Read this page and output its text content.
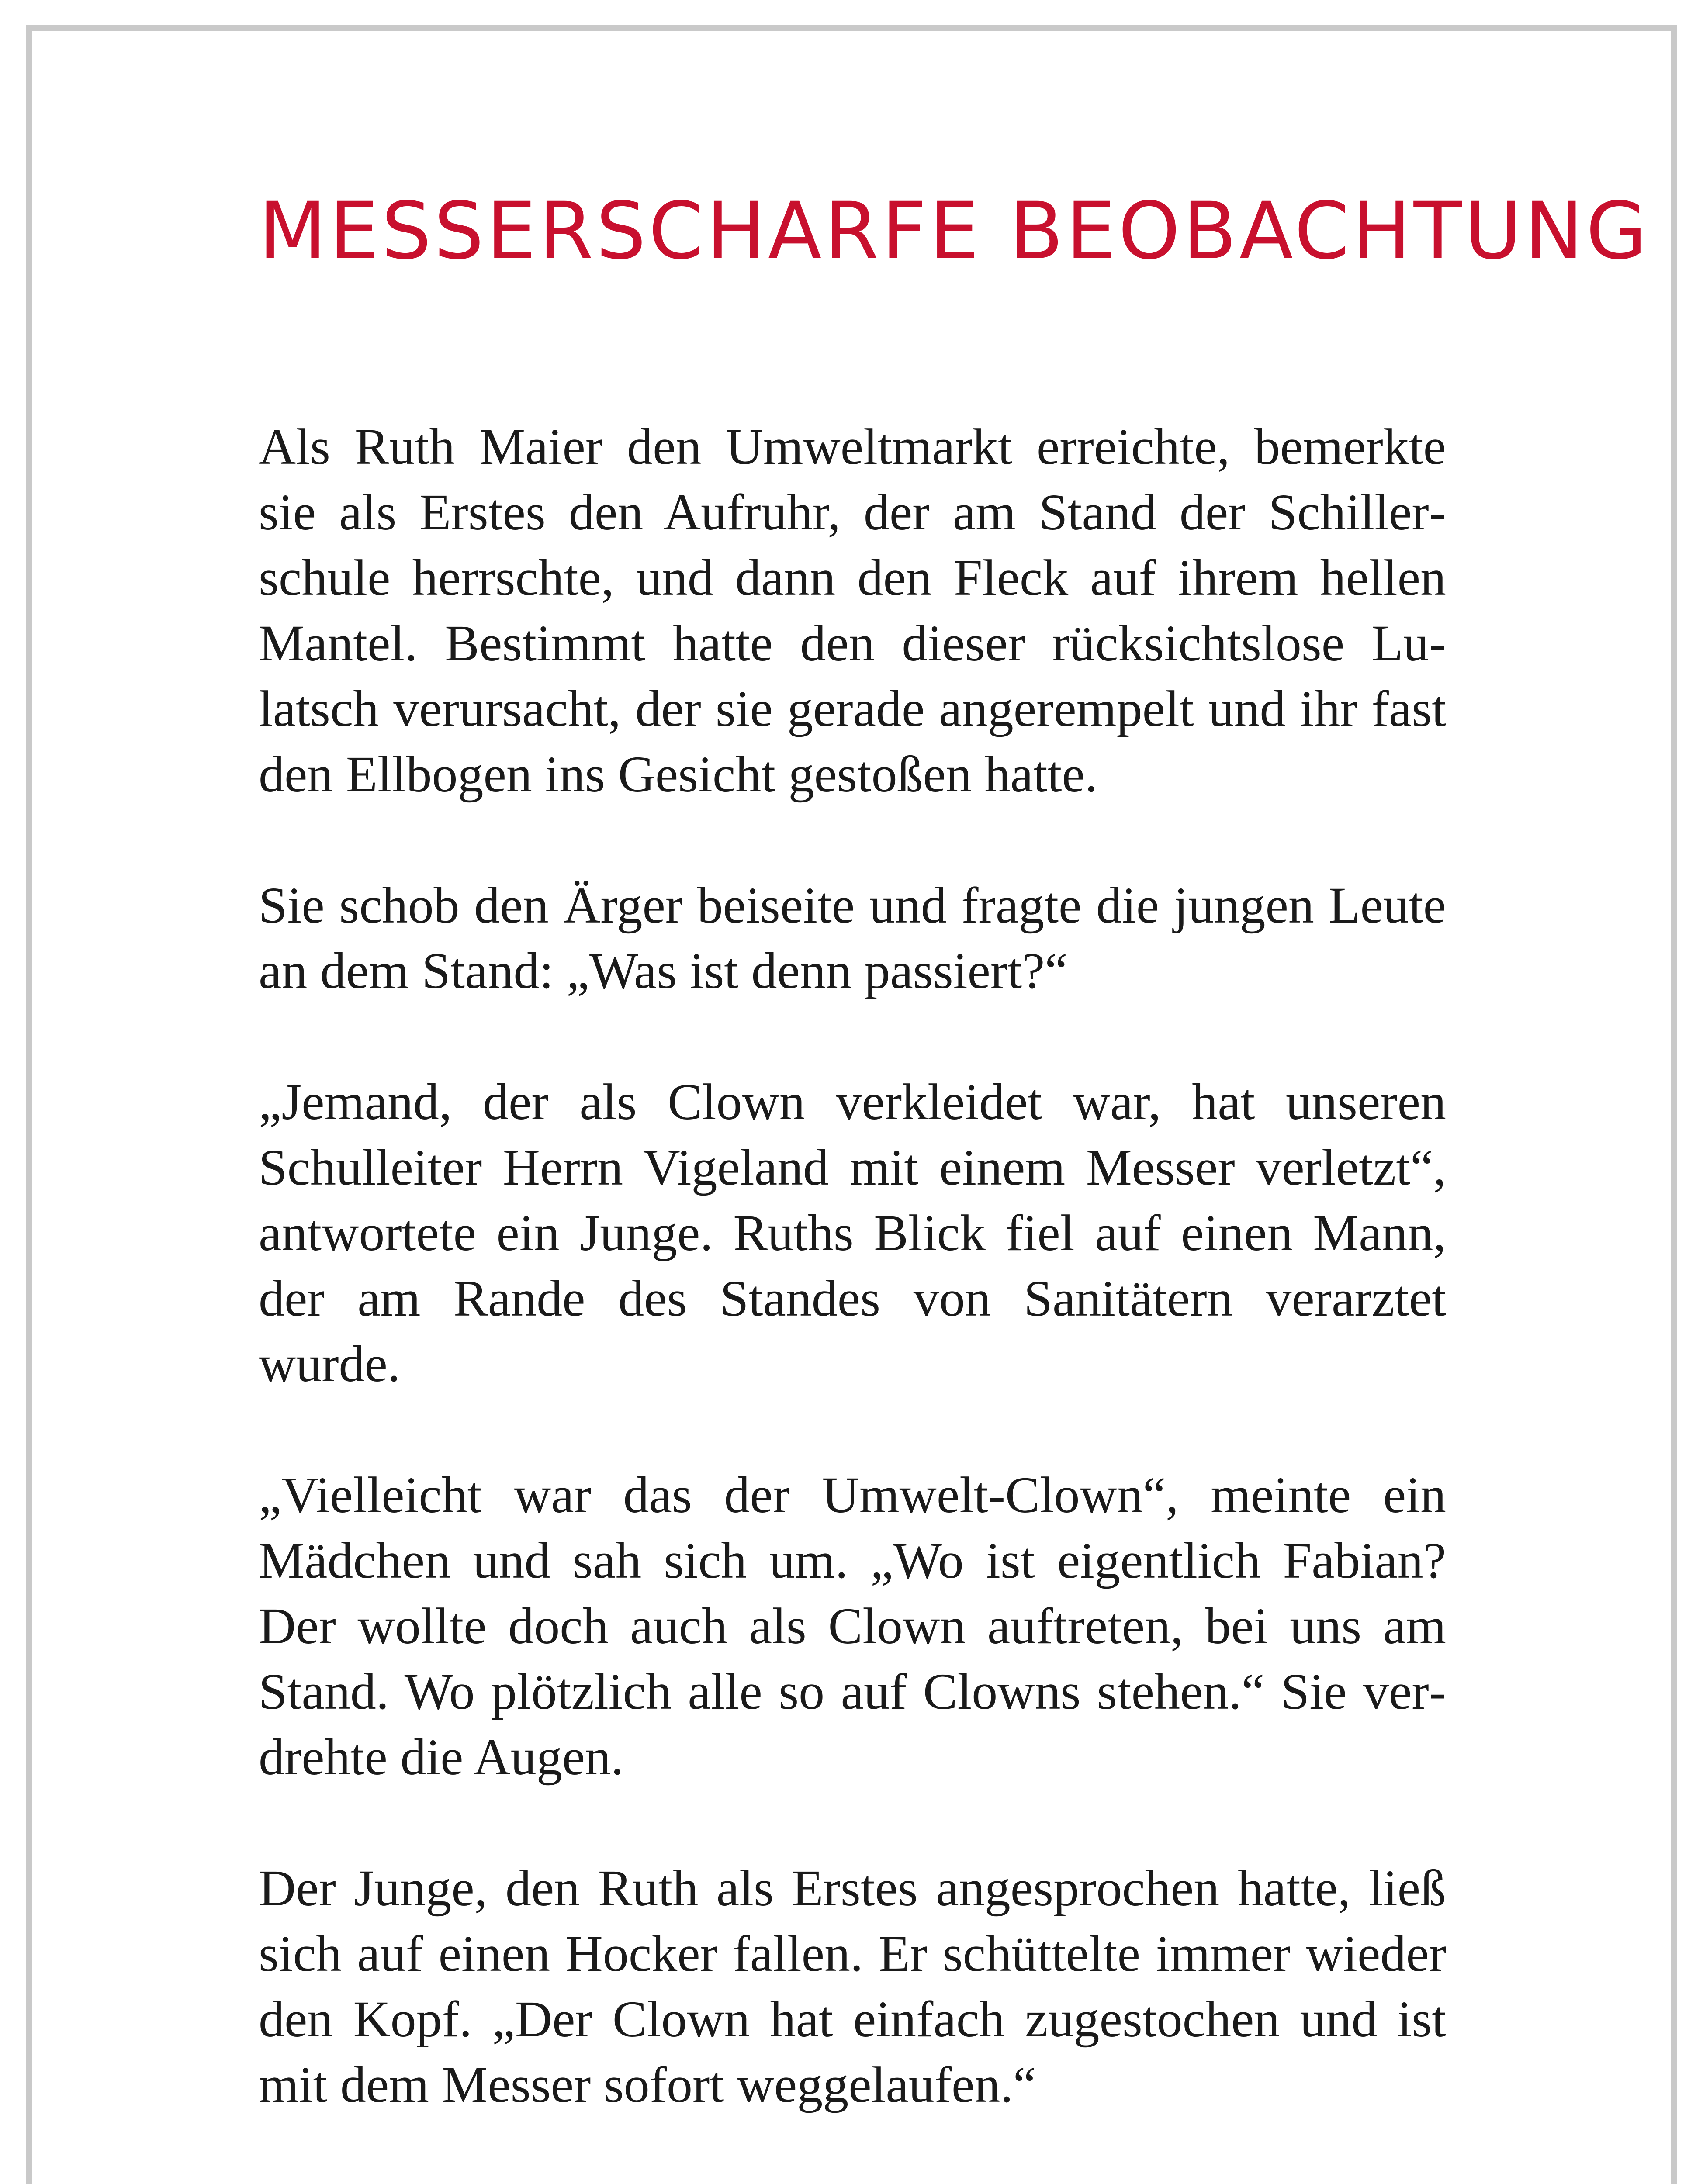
MESSERSCHARFE BEOBACHTUNG

Als Ruth Maier den Umweltmarkt erreichte, bemerkte sie als Erstes den Aufruhr, der am Stand der Schillerschule herrschte, und dann den Fleck auf ihrem hellen Mantel. Bestimmt hatte den dieser rücksichtslose Lulatsch verursacht, der sie gerade angerempelt und ihr fast den Ellbogen ins Gesicht gestoßen hatte.

Sie schob den Ärger beiseite und fragte die jungen Leute an dem Stand: „Was ist denn passiert?“

„Jemand, der als Clown verkleidet war, hat unseren Schulleiter Herrn Vigeland mit einem Messer verletzt“, antwortete ein Junge. Ruths Blick fiel auf einen Mann, der am Rande des Standes von Sanitätern verarztet wurde.

„Vielleicht war das der Umwelt-Clown“, meinte ein Mädchen und sah sich um. „Wo ist eigentlich Fabian? Der wollte doch auch als Clown auftreten, bei uns am Stand. Wo plötzlich alle so auf Clowns stehen.“ Sie verdrehte die Augen.

Der Junge, den Ruth als Erstes angesprochen hatte, ließ sich auf einen Hocker fallen. Er schüttelte immer wieder den Kopf. „Der Clown hat einfach zugestochen und ist mit dem Messer sofort weggelaufen.“
